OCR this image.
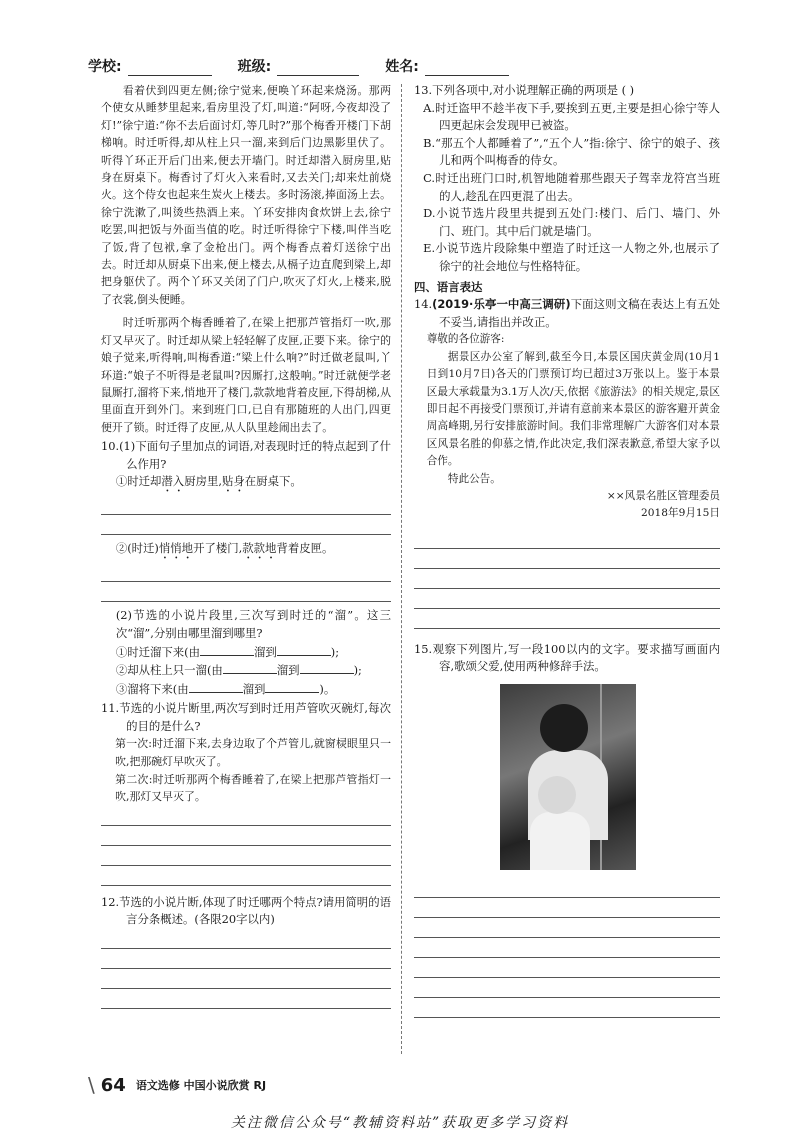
学校:	班级:	姓名:

看着伏到四更左侧;徐宁觉来,便唤丫环起来烧汤。那两个使女从睡梦里起来,看房里没了灯,叫道:“阿呀,今夜却没了灯!”徐宁道:“你不去后面讨灯,等几时?”那个梅香开楼门下胡梯响。时迁听得,却从柱上只一溜,来到后门边黑影里伏了。听得丫环正开后门出来,便去开墙门。时迁却潜入厨房里,贴身在厨桌下。梅香讨了灯火入来看时,又去关门;却来灶前烧火。这个侍女也起来生炭火上楼去。多时汤滚,捧面汤上去。徐宁洗漱了,叫烫些热酒上来。丫环安排肉食炊饼上去,徐宁吃罢,叫把饭与外面当值的吃。时迁听得徐宁下楼,叫伴当吃了饭,背了包袱,拿了金枪出门。两个梅香点着灯送徐宁出去。时迁却从厨桌下出来,便上楼去,从槅子边直爬到梁上,却把身躯伏了。两个丫环又关闭了门户,吹灭了灯火,上楼来,脱了衣裳,倒头便睡。

时迁听那两个梅香睡着了,在梁上把那芦管指灯一吹,那灯又早灭了。时迁却从梁上轻轻解了皮匣,正要下来。徐宁的娘子觉来,听得响,叫梅香道:“梁上什么响?”时迁做老鼠叫,丫环道:“娘子不听得是老鼠叫?因厮打,这般响。”时迁就便学老鼠厮打,溜将下来,悄地开了楼门,款款地背着皮匣,下得胡梯,从里面直开到外门。来到班门口,已自有那随班的人出门,四更便开了锁。时迁得了皮匣,从人队里趁闹出去了。

10.(1)下面句子里加点的词语,对表现时迁的特点起到了什么作用?

①时迁却潜入厨房里,贴身在厨桌下。

②(时迁)悄悄地开了楼门,款款地背着皮匣。

(2)节选的小说片段里,三次写到时迁的“溜”。这三次“溜”,分别由哪里溜到哪里?

①时迁溜下来(由	溜到	);

②却从柱上只一溜(由	溜到	);

③溜将下来(由	溜到	)。

11.节选的小说片断里,两次写到时迁用芦管吹灭碗灯,每次的目的是什么?

第一次:时迁溜下来,去身边取了个芦管儿,就窗棂眼里只一吹,把那碗灯早吹灭了。

第二次:时迁听那两个梅香睡着了,在梁上把那芦管指灯一吹,那灯又早灭了。

12.节选的小说片断,体现了时迁哪两个特点?请用简明的语言分条概述。(各限20字以内)

13.下列各项中,对小说理解正确的两项是 ( )

A.时迁盗甲不趁半夜下手,要挨到五更,主要是担心徐宁等人四更起床会发现甲已被盗。

B.“那五个人都睡着了”,“五个人”指:徐宁、徐宁的娘子、孩儿和两个叫梅香的侍女。

C.时迁出班门口时,机智地随着那些跟天子驾幸龙符宫当班的人,趁乱在四更混了出去。

D.小说节选片段里共提到五处门:楼门、后门、墙门、外门、班门。其中后门就是墙门。

E.小说节选片段除集中塑造了时迁这一人物之外,也展示了徐宁的社会地位与性格特征。

四、语言表达

14.(2019·乐亭一中高三调研)下面这则文稿在表达上有五处不妥当,请指出并改正。

尊敬的各位游客:

据景区办公室了解到,截至今日,本景区国庆黄金周(10月1日到10月7日)各天的门票预订均已超过3万张以上。鉴于本景区最大承载量为3.1万人次/天,依据《旅游法》的相关规定,景区即日起不再接受门票预订,并请有意前来本景区的游客避开黄金周高峰期,另行安排旅游时间。我们非常理解广大游客们对本景区风景名胜的仰慕之情,作此决定,我们深表歉意,希望大家予以合作。

特此公告。

××风景名胜区管理委员

2018年9月15日

15.观察下列图片,写一段100以内的文字。要求描写画面内容,歌颂父爱,使用两种修辞手法。

\ 64 语文选修 中国小说欣赏 RJ
关注微信公众号“教辅资料站”获取更多学习资料
